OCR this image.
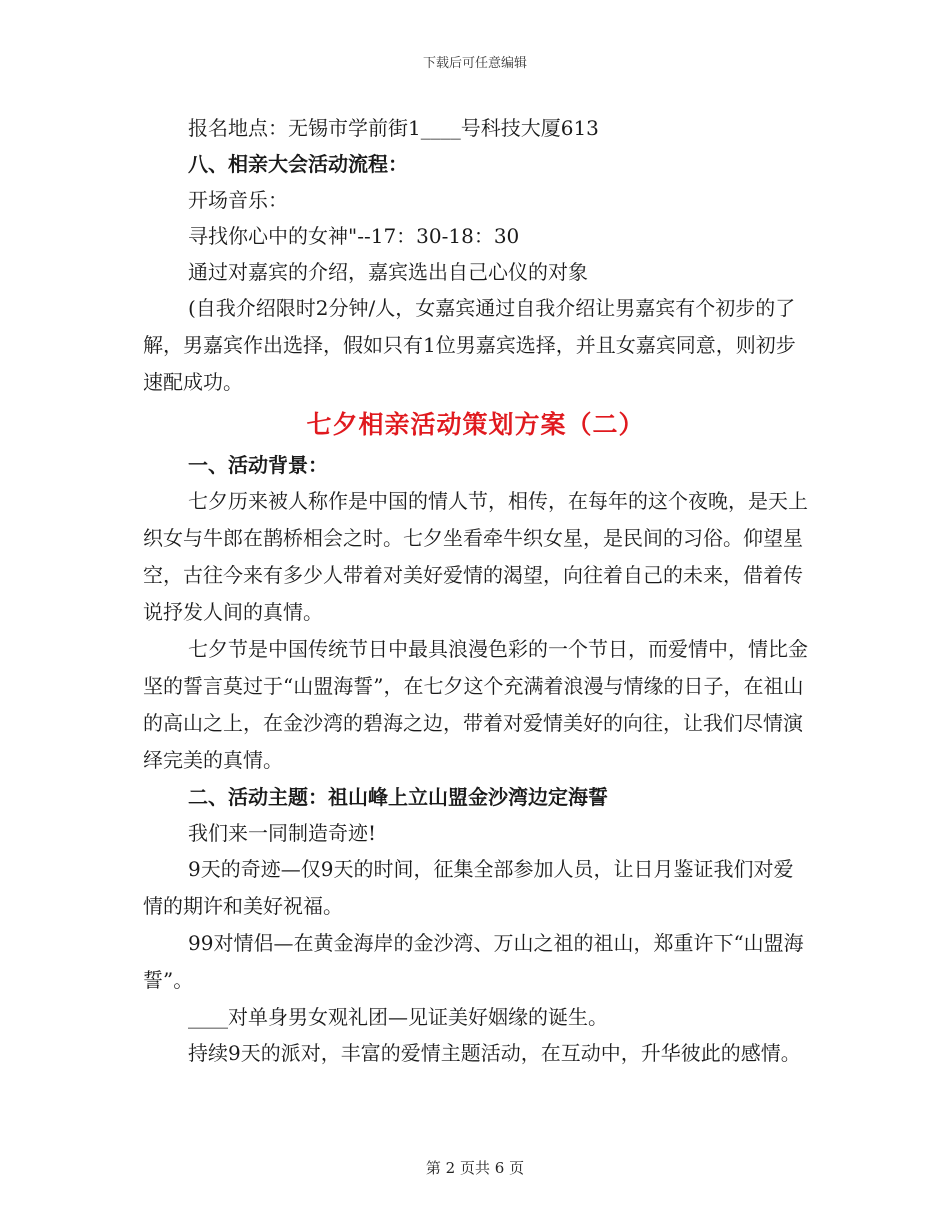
下载后可任意编辑

报名地点：无锡市学前街1____号科技大厦613

八、相亲大会活动流程：

开场音乐：

寻找你心中的女神"--17：30-18：30

通过对嘉宾的介绍，嘉宾选出自己心仪的对象

(自我介绍限时2分钟/人，女嘉宾通过自我介绍让男嘉宾有个初步的了解，男嘉宾作出选择，假如只有1位男嘉宾选择，并且女嘉宾同意，则初步速配成功。

七夕相亲活动策划方案（二）

一、活动背景：

七夕历来被人称作是中国的情人节，相传，在每年的这个夜晚，是天上织女与牛郎在鹊桥相会之时。七夕坐看牵牛织女星，是民间的习俗。仰望星空，古往今来有多少人带着对美好爱情的渴望，向往着自己的未来，借着传说抒发人间的真情。

七夕节是中国传统节日中最具浪漫色彩的一个节日，而爱情中，情比金坚的誓言莫过于“山盟海誓”，在七夕这个充满着浪漫与情缘的日子，在祖山的高山之上，在金沙湾的碧海之边，带着对爱情美好的向往，让我们尽情演绎完美的真情。

二、活动主题：祖山峰上立山盟金沙湾边定海誓

我们来一同制造奇迹!

9天的奇迹—仅9天的时间，征集全部参加人员，让日月鉴证我们对爱情的期许和美好祝福。

99对情侣—在黄金海岸的金沙湾、万山之祖的祖山，郑重许下“山盟海誓”。

____对单身男女观礼团—见证美好姻缘的诞生。

持续9天的派对，丰富的爱情主题活动，在互动中，升华彼此的感情。

第 2 页共 6 页
